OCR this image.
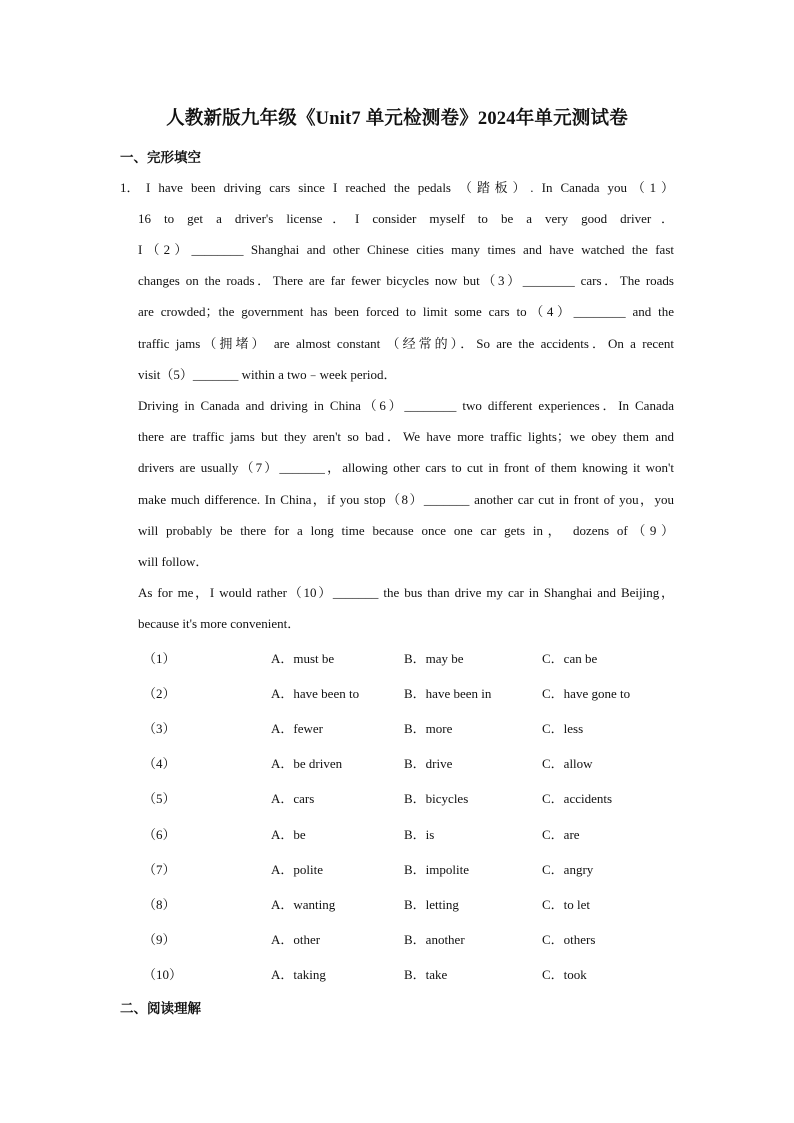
人教新版九年级《Unit7 单元检测卷》2024年单元测试卷
一、完形填空
1． I have been driving cars since I reached the pedals （踏板）. In Canada you（1）
16 to get a driver's license．I consider myself to be a very good driver．
I（2）________ Shanghai and other Chinese cities many times and have watched the fast
changes on the roads．There are far fewer bicycles now but（3）________ cars．The roads
are crowded；the government has been forced to limit some cars to（4）________ and the
traffic jams（拥堵） are almost constant （经常的）．So are the accidents．On a recent
visit（5）_______ within a two﹣week period．
Driving in Canada and driving in China（6）________ two different experiences．In Canada
there are traffic jams but they aren't so bad．We have more traffic lights；we obey them and
drivers are usually（7）_______，allowing other cars to cut in front of them knowing it won't
make much difference. In China，if you stop（8）_______ another car cut in front of you，you
will probably be there for a long time because once one car gets in， dozens of（9）
will follow．
As for me，I would rather（10）_______ the bus than drive my car in Shanghai and Beijing，
because it's more convenient．
（1）	A．must be	B．may be	C．can be
（2）	A．have been to	B．have been in	C．have gone to
（3）	A．fewer	B．more	C．less
（4）	A．be driven	B．drive	C．allow
（5）	A．cars	B．bicycles	C．accidents
（6）	A．be	B．is	C．are
（7）	A．polite	B．impolite	C．angry
（8）	A．wanting	B．letting	C．to let
（9）	A．other	B．another	C．others
（10）	A．taking	B．take	C．took
二、阅读理解
